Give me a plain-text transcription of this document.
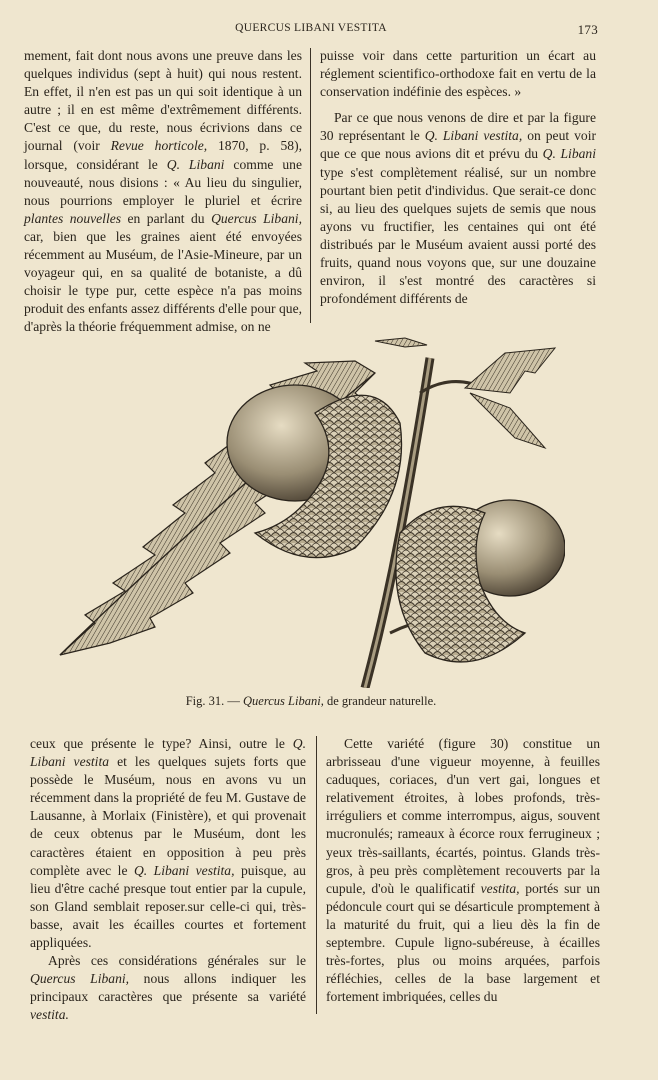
QUERCUS LIBANI VESTITA	173

mement, fait dont nous avons une preuve dans les quelques individus (sept à huit) qui nous restent. En effet, il n'en est pas un qui soit identique à un autre ; il en est même d'extrêmement différents. C'est ce que, du reste, nous écrivions dans ce journal (voir Revue horticole, 1870, p. 58), lorsque, considérant le Q. Libani comme une nouveauté, nous disions : « Au lieu du singulier, nous pourrions employer le pluriel et écrire plantes nouvelles en parlant du Quercus Libani, car, bien que les graines aient été envoyées récemment au Muséum, de l'Asie-Mineure, par un voyageur qui, en sa qualité de botaniste, a dû choisir le type pur, cette espèce n'a pas moins produit des enfants assez différents d'elle pour que, d'après la théorie fréquemment admise, on ne

puisse voir dans cette parturition un écart au réglement scientifico-orthodoxe fait en vertu de la conservation indéfinie des espèces. »

Par ce que nous venons de dire et par la figure 30 représentant le Q. Libani vestita, on peut voir que ce que nous avions dit et prévu du Q. Libani type s'est complètement réalisé, sur un nombre pourtant bien petit d'individus. Que serait-ce donc si, au lieu des quelques sujets de semis que nous ayons vu fructifier, les centaines qui ont été distribués par le Muséum avaient aussi porté des fruits, quand nous voyons que, sur une douzaine environ, il s'est montré des caractères si profondément différents de

Fig. 31. — Quercus Libani, de grandeur naturelle.

ceux que présente le type? Ainsi, outre le Q. Libani vestita et les quelques sujets forts que possède le Muséum, nous en avons vu un récemment dans la propriété de feu M. Gustave de Lausanne, à Morlaix (Finistère), et qui provenait de ceux obtenus par le Muséum, dont les caractères étaient en opposition à peu près complète avec le Q. Libani vestita, puisque, au lieu d'être caché presque tout entier par la cupule, son Gland semblait reposer.sur celle-ci qui, très-basse, avait les écailles courtes et fortement appliquées.

Après ces considérations générales sur le Quercus Libani, nous allons indiquer les principaux caractères que présente sa variété vestita.

Cette variété (figure 30) constitue un arbrisseau d'une vigueur moyenne, à feuilles caduques, coriaces, d'un vert gai, longues et relativement étroites, à lobes profonds, très-irréguliers et comme interrompus, aigus, souvent mucronulés; rameaux à écorce roux ferrugineux ; yeux très-saillants, écartés, pointus. Glands très-gros, à peu près complètement recouverts par la cupule, d'où le qualificatif vestita, portés sur un pédoncule court qui se désarticule promptement à la maturité du fruit, qui a lieu dès la fin de septembre. Cupule ligno-subéreuse, à écailles très-fortes, plus ou moins arquées, parfois réfléchies, celles de la base largement et fortement imbriquées, celles du
